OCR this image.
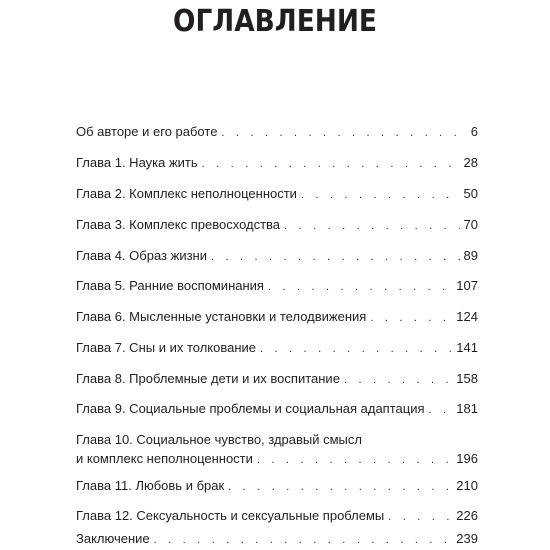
ОГЛАВЛЕНИЕ
Об авторе и его работе . . .	6
Глава 1. Наука жить . . .	28
Глава 2. Комплекс неполноценности . . .	50
Глава 3. Комплекс превосходства . . .	70
Глава 4. Образ жизни . . .	89
Глава 5. Ранние воспоминания . . .	107
Глава 6. Мысленные установки и телодвижения . . .	124
Глава 7. Сны и их толкование . . .	141
Глава 8. Проблемные дети и их воспитание . . .	158
Глава 9. Социальные проблемы и социальная адаптация . . . 181
Глава 10. Социальное чувство, здравый смысл
и комплекс неполноценности . . .	196
Глава 11. Любовь и брак . . .	210
Глава 12. Сексуальность и сексуальные проблемы . . .	226
Заключение . . .	239
